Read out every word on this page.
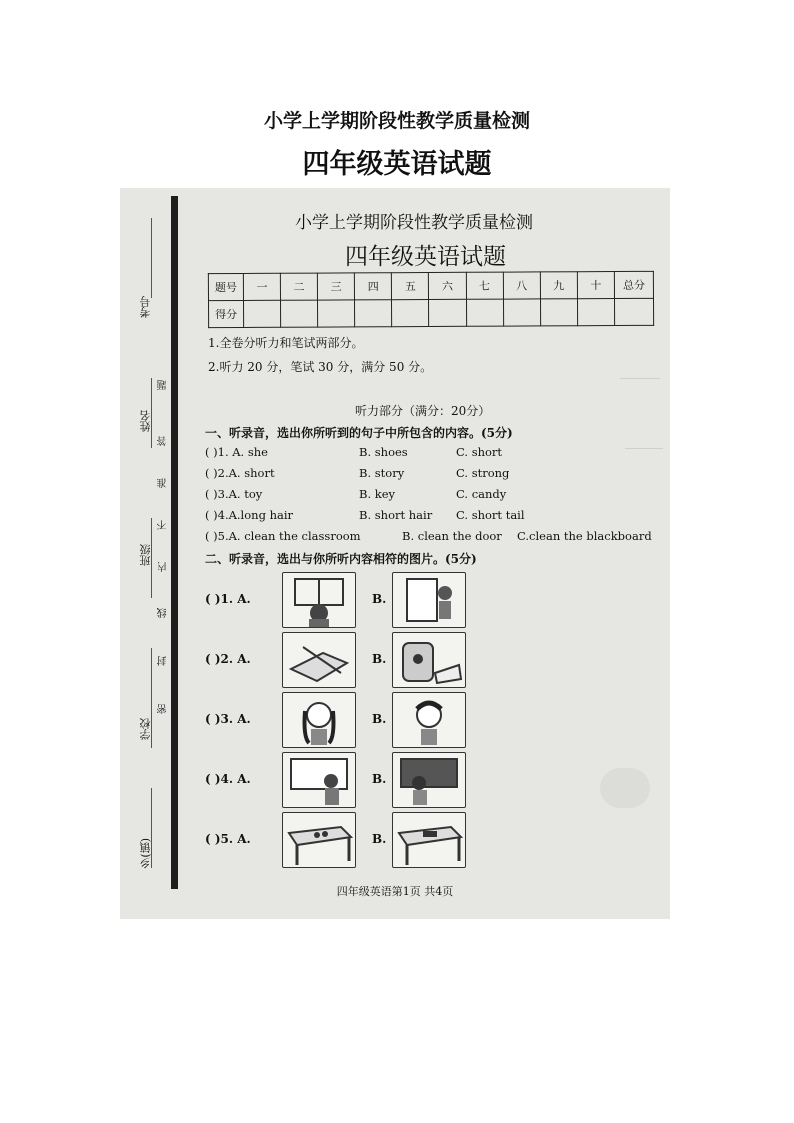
小学上学期阶段性教学质量检测
四年级英语试题
考号
姓名
班级
学校
乡(镇)
题
答
准
不
内
线
封
密
小学上学期阶段性教学质量检测
四年级英语试题
题号	一	二	三	四	五	六	七	八	九	十	总分
得分											
1.全卷分听力和笔试两部分。
2.听力 20 分，笔试 30 分，满分 50 分。
听力部分（满分：20分）
一、听录音，选出你所听到的句子中所包含的内容。(5分)
( )1. A. she	B. shoes	C. short
( )2.A. short	B. story	C. strong
( )3.A. toy	B. key	C. candy
( )4.A.long hair	B. short hair C. short tail
( )5.A. clean the classroom	B. clean the door C.clean the blackboard
二、听录音，选出与你所听内容相符的图片。(5分)
( )1. A.	B.
( )2. A.	B.
( )3. A.	B.
( )4. A.	B.
( )5. A.	B.
四年级英语第1页 共4页
